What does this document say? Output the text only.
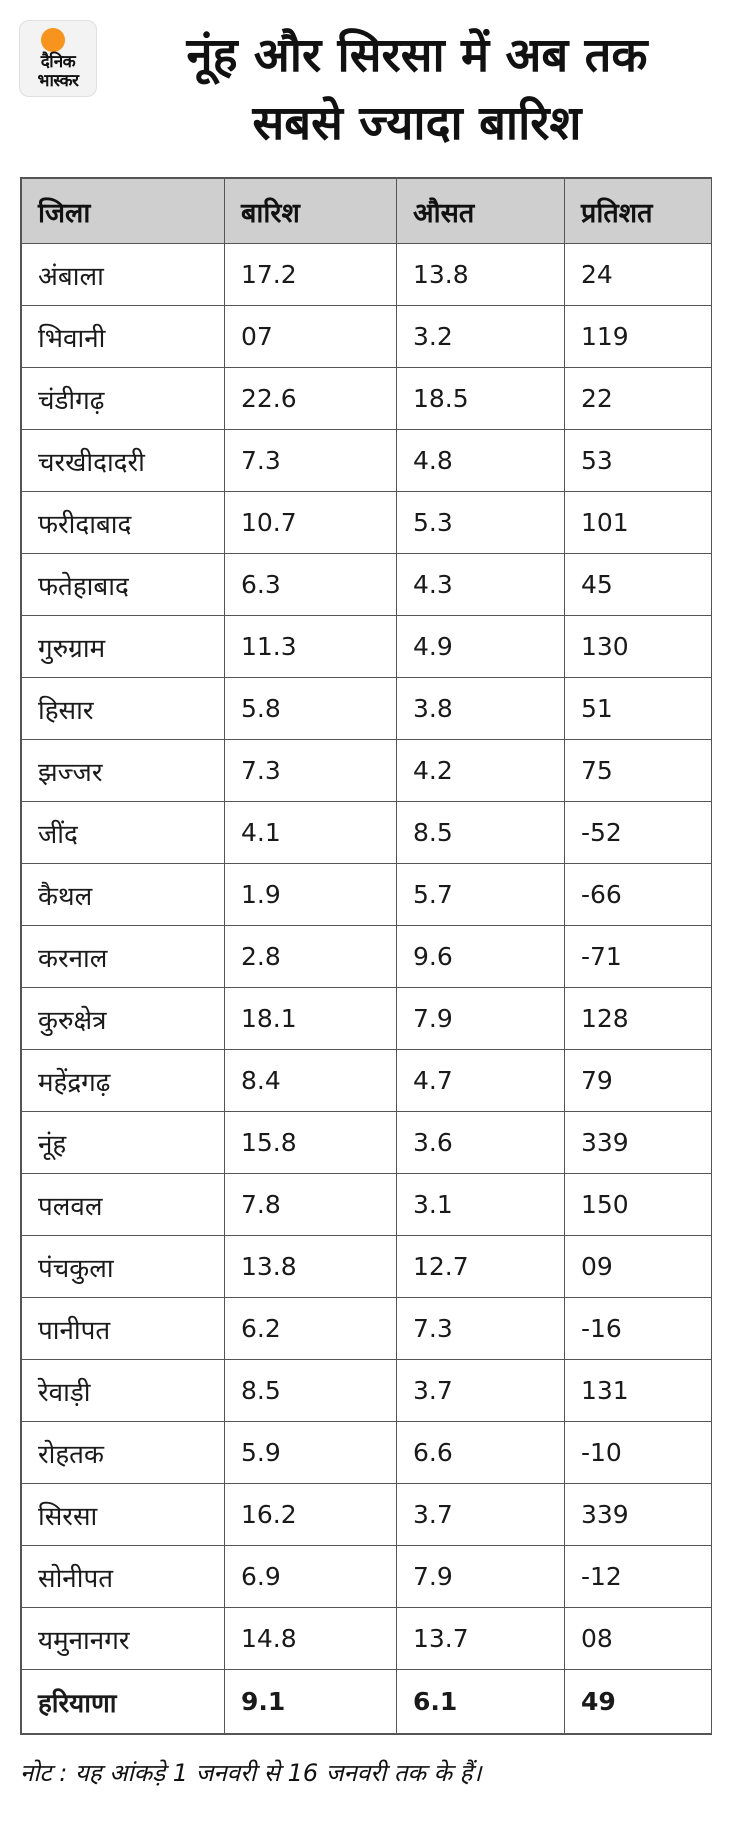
दैनिक
भास्कर	नूंह और सिरसा में अब तक
सबसे ज्यादा बारिश
जिला	बारिश	औसत	प्रतिशत
अंबाला	17.2	13.8	24
भिवानी	07	3.2	119
चंडीगढ़	22.6	18.5	22
चरखीदादरी	7.3	4.8	53
फरीदाबाद	10.7	5.3	101
फतेहाबाद	6.3	4.3	45
गुरुग्राम	11.3	4.9	130
हिसार	5.8	3.8	51
झज्जर	7.3	4.2	75
जींद	4.1	8.5	-52
कैथल	1.9	5.7	-66
करनाल	2.8	9.6	-71
कुरुक्षेत्र	18.1	7.9	128
महेंद्रगढ़	8.4	4.7	79
नूंह	15.8	3.6	339
पलवल	7.8	3.1	150
पंचकुला	13.8	12.7	09
पानीपत	6.2	7.3	-16
रेवाड़ी	8.5	3.7	131
रोहतक	5.9	6.6	-10
सिरसा	16.2	3.7	339
सोनीपत	6.9	7.9	-12
यमुनानगर	14.8	13.7	08
हरियाणा	9.1	6.1	49
नोट : यह आंकड़े 1 जनवरी से 16 जनवरी तक के हैं।
